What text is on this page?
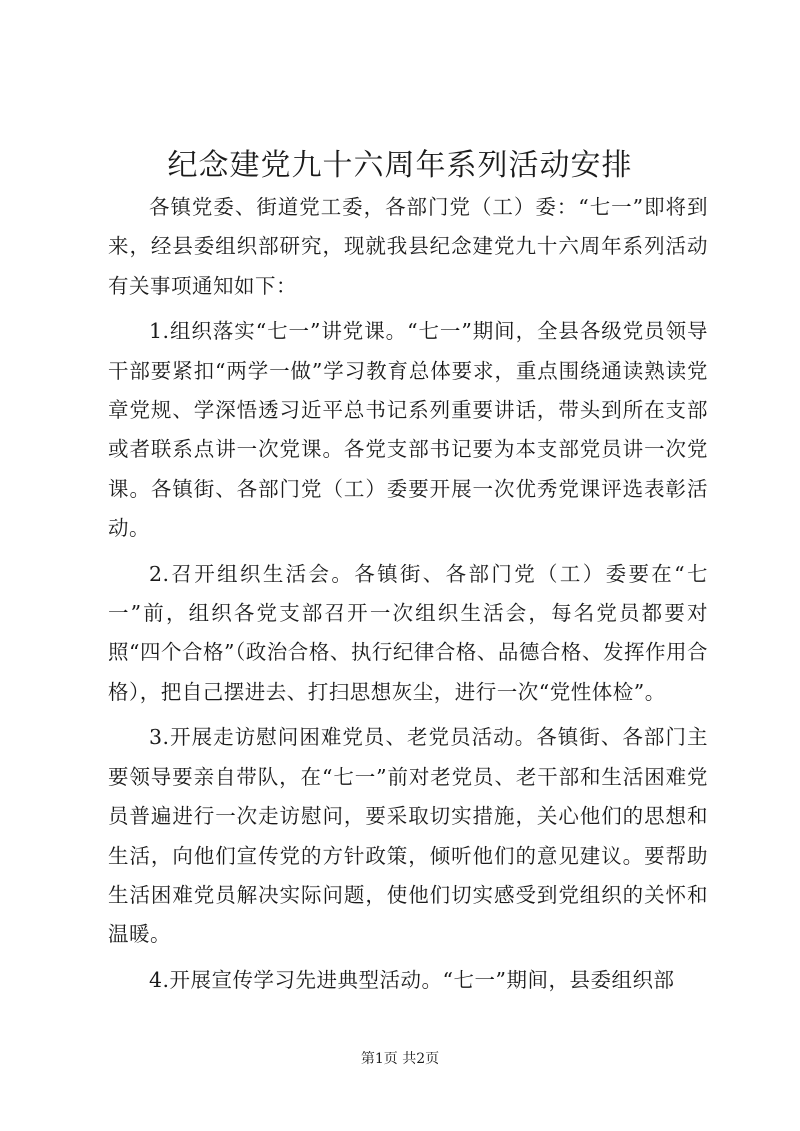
纪念建党九十六周年系列活动安排

各镇党委、街道党工委，各部门党（工）委：“七一”即将到来，经县委组织部研究，现就我县纪念建党九十六周年系列活动有关事项通知如下：

1.组织落实“七一”讲党课。“七一”期间，全县各级党员领导干部要紧扣“两学一做”学习教育总体要求，重点围绕通读熟读党章党规、学深悟透习近平总书记系列重要讲话，带头到所在支部或者联系点讲一次党课。各党支部书记要为本支部党员讲一次党课。各镇街、各部门党（工）委要开展一次优秀党课评选表彰活动。

2.召开组织生活会。各镇街、各部门党（工）委要在“七一”前，组织各党支部召开一次组织生活会，每名党员都要对照“四个合格”（政治合格、执行纪律合格、品德合格、发挥作用合格），把自己摆进去、打扫思想灰尘，进行一次“党性体检”。

3.开展走访慰问困难党员、老党员活动。各镇街、各部门主要领导要亲自带队，在“七一”前对老党员、老干部和生活困难党员普遍进行一次走访慰问，要采取切实措施，关心他们的思想和生活，向他们宣传党的方针政策，倾听他们的意见建议。要帮助生活困难党员解决实际问题，使他们切实感受到党组织的关怀和温暖。

4.开展宣传学习先进典型活动。“七一”期间，县委组织部

第1页 共2页
